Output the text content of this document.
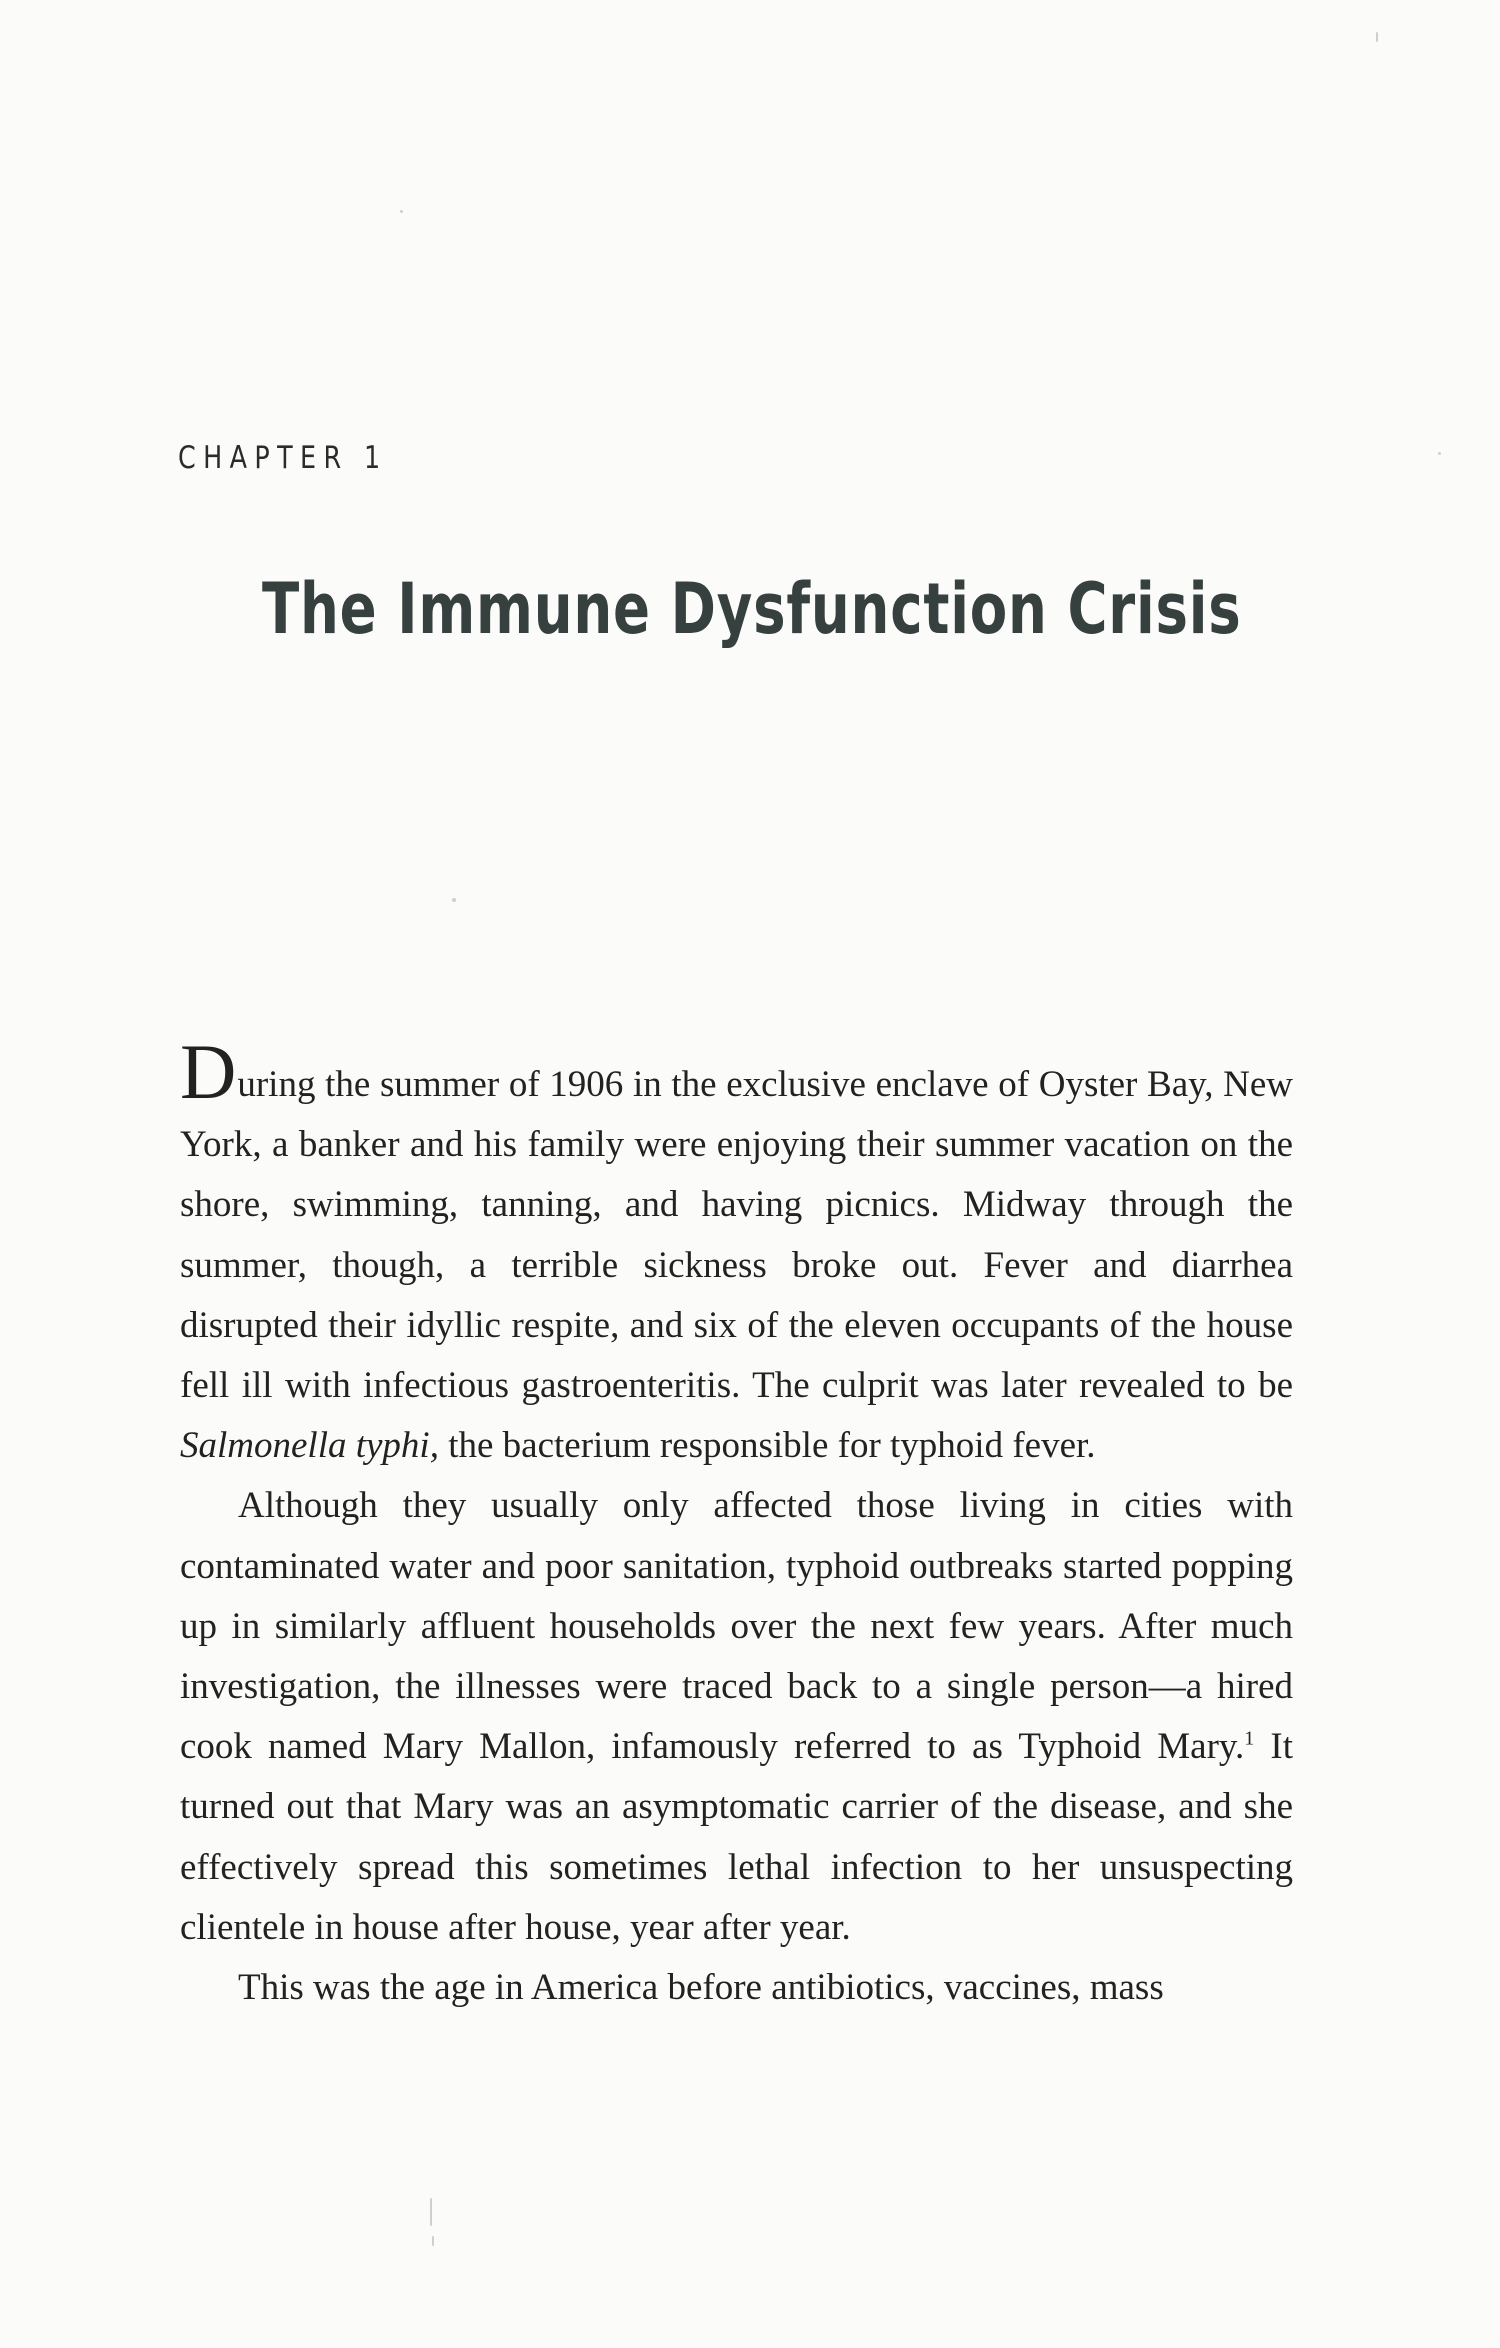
CHAPTER 1
The Immune Dysfunction Crisis

During the summer of 1906 in the exclusive enclave of Oyster Bay, New York, a banker and his family were enjoying their summer vacation on the shore, swimming, tanning, and having picnics. Midway through the summer, though, a terrible sickness broke out. Fever and diarrhea disrupted their idyllic respite, and six of the eleven occupants of the house fell ill with infectious gastroenteritis. The culprit was later revealed to be Salmonella typhi, the bacterium responsible for typhoid fever.

Although they usually only affected those living in cities with contaminated water and poor sanitation, typhoid outbreaks started popping up in similarly affluent households over the next few years. After much investigation, the illnesses were traced back to a single person—a hired cook named Mary Mallon, infamously referred to as Typhoid Mary.$^1$ It turned out that Mary was an asymptomatic carrier of the disease, and she effectively spread this sometimes lethal infection to her unsuspecting clientele in house after house, year after year.

This was the age in America before antibiotics, vaccines, mass
